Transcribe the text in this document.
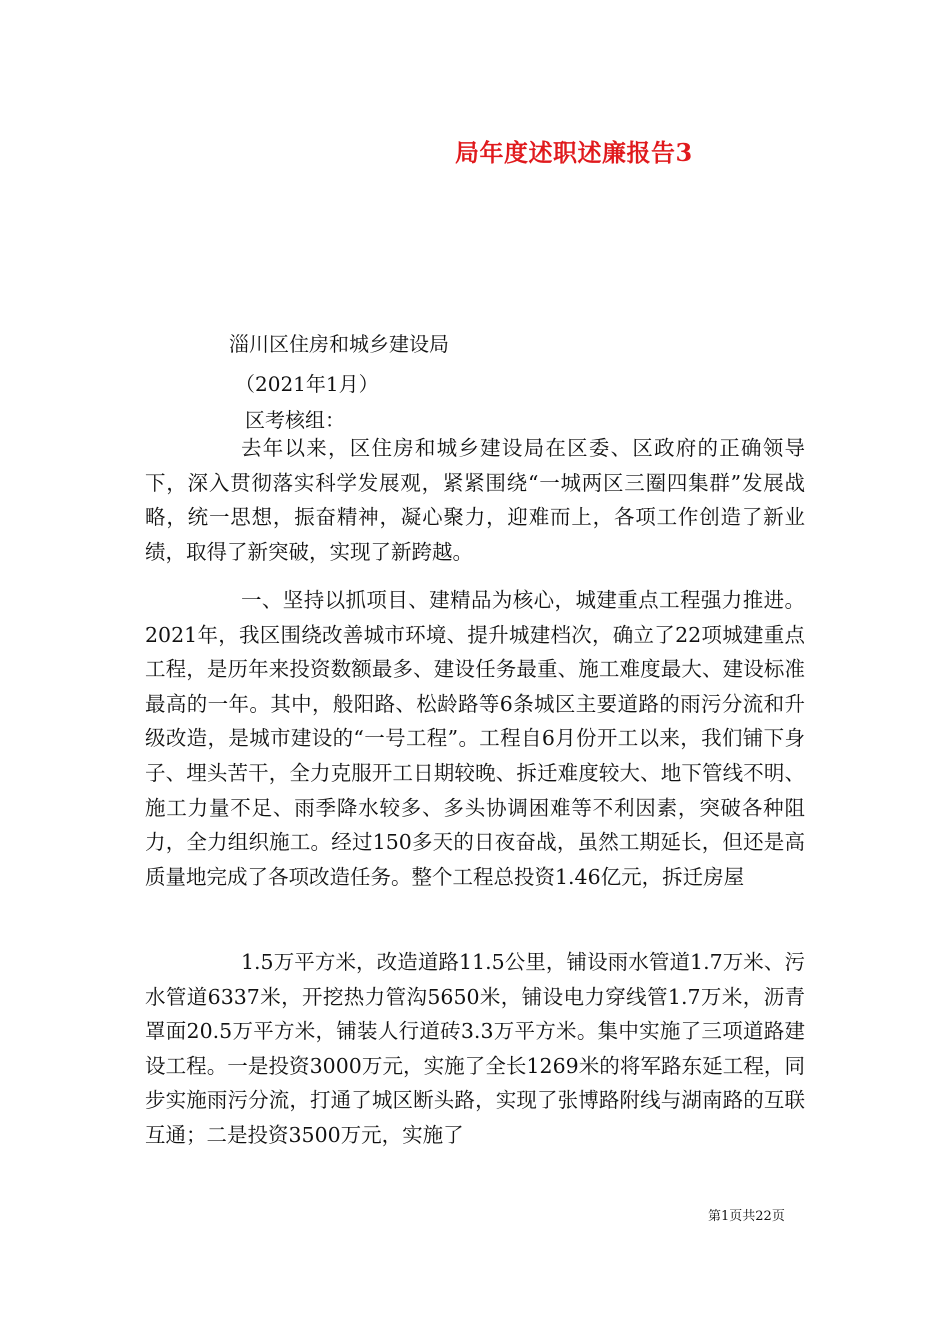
局年度述职述廉报告3
淄川区住房和城乡建设局
（2021年1月）
区考核组：

去年以来，区住房和城乡建设局在区委、区政府的正确领导下，深入贯彻落实科学发展观，紧紧围绕“一城两区三圈四集群”发展战略，统一思想，振奋精神，凝心聚力，迎难而上，各项工作创造了新业绩，取得了新突破，实现了新跨越。

一、坚持以抓项目、建精品为核心，城建重点工程强力推进。2021年，我区围绕改善城市环境、提升城建档次，确立了22项城建重点工程，是历年来投资数额最多、建设任务最重、施工难度最大、建设标准最高的一年。其中，般阳路、松龄路等6条城区主要道路的雨污分流和升级改造，是城市建设的“一号工程”。工程自6月份开工以来，我们铺下身子、埋头苦干，全力克服开工日期较晚、拆迁难度较大、地下管线不明、施工力量不足、雨季降水较多、多头协调困难等不利因素，突破各种阻力，全力组织施工。经过150多天的日夜奋战，虽然工期延长，但还是高质量地完成了各项改造任务。整个工程总投资1.46亿元，拆迁房屋

1.5万平方米，改造道路11.5公里，铺设雨水管道1.7万米、污水管道6337米，开挖热力管沟5650米，铺设电力穿线管1.7万米，沥青罩面20.5万平方米，铺装人行道砖3.3万平方米。集中实施了三项道路建设工程。一是投资3000万元，实施了全长1269米的将军路东延工程，同步实施雨污分流，打通了城区断头路，实现了张博路附线与湖南路的互联互通；二是投资3500万元，实施了

第1页共22页
